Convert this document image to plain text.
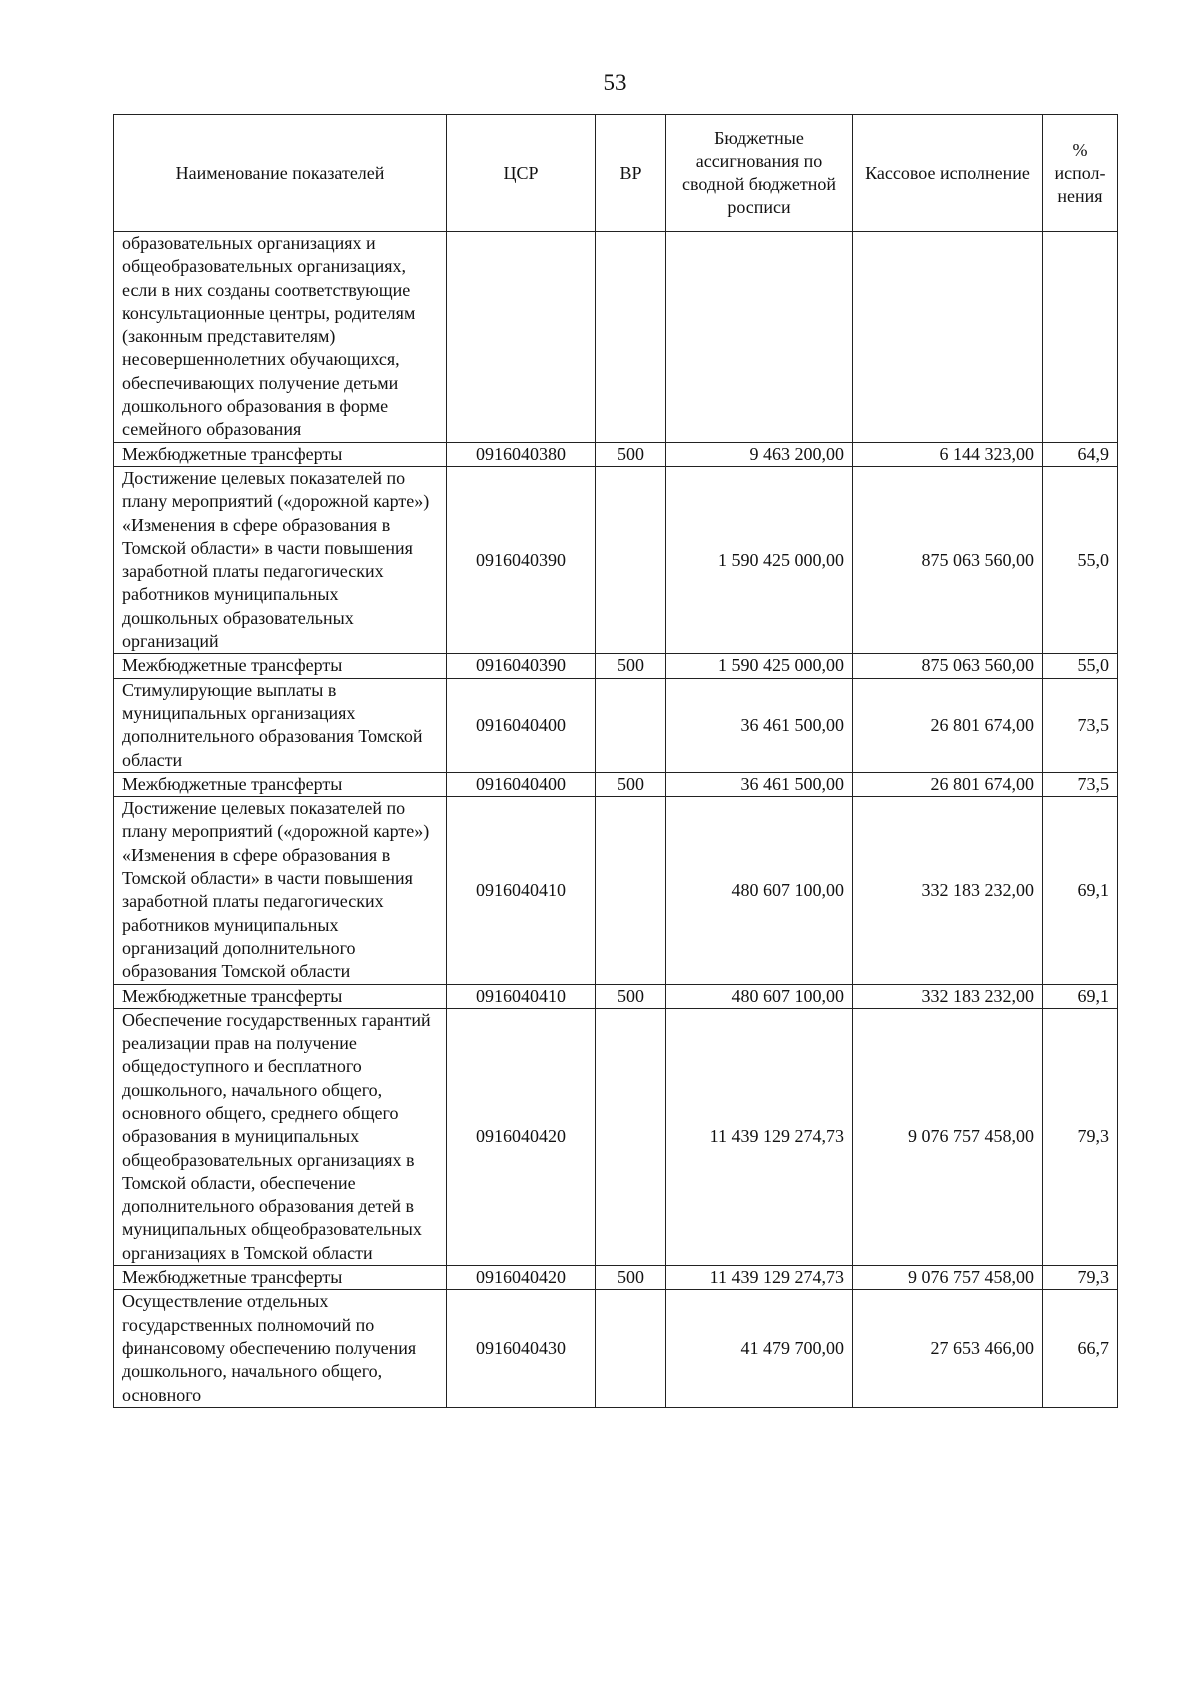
53
Наименование показателей	ЦСР	ВР	Бюджетные ассигнования по сводной бюджетной росписи	Кассовое исполнение	% испол- нения
образовательных организациях и общеобразовательных организациях, если в них созданы соответствующие консультационные центры, родителям (законным представителям) несовершеннолетних обучающихся, обеспечивающих получение детьми дошкольного образования в форме семейного образования					
Межбюджетные трансферты	0916040380	500	9 463 200,00	6 144 323,00	64,9
Достижение целевых показателей по плану мероприятий («дорожной карте») «Изменения в сфере образования в Томской области» в части повышения заработной платы педагогических работников муниципальных дошкольных образовательных организаций	0916040390		1 590 425 000,00	875 063 560,00	55,0
Межбюджетные трансферты	0916040390	500	1 590 425 000,00	875 063 560,00	55,0
Стимулирующие выплаты в муниципальных организациях дополнительного образования Томской области	0916040400		36 461 500,00	26 801 674,00	73,5
Межбюджетные трансферты	0916040400	500	36 461 500,00	26 801 674,00	73,5
Достижение целевых показателей по плану мероприятий («дорожной карте») «Изменения в сфере образования в Томской области» в части повышения заработной платы педагогических работников муниципальных организаций дополнительного образования Томской области	0916040410		480 607 100,00	332 183 232,00	69,1
Межбюджетные трансферты	0916040410	500	480 607 100,00	332 183 232,00	69,1
Обеспечение государственных гарантий реализации прав на получение общедоступного и бесплатного дошкольного, начального общего, основного общего, среднего общего образования в муниципальных общеобразовательных организациях в Томской области, обеспечение дополнительного образования детей в муниципальных общеобразовательных организациях в Томской области	0916040420		11 439 129 274,73	9 076 757 458,00	79,3
Межбюджетные трансферты	0916040420	500	11 439 129 274,73	9 076 757 458,00	79,3
Осуществление отдельных государственных полномочий по финансовому обеспечению получения дошкольного, начального общего, основного	0916040430		41 479 700,00	27 653 466,00	66,7
